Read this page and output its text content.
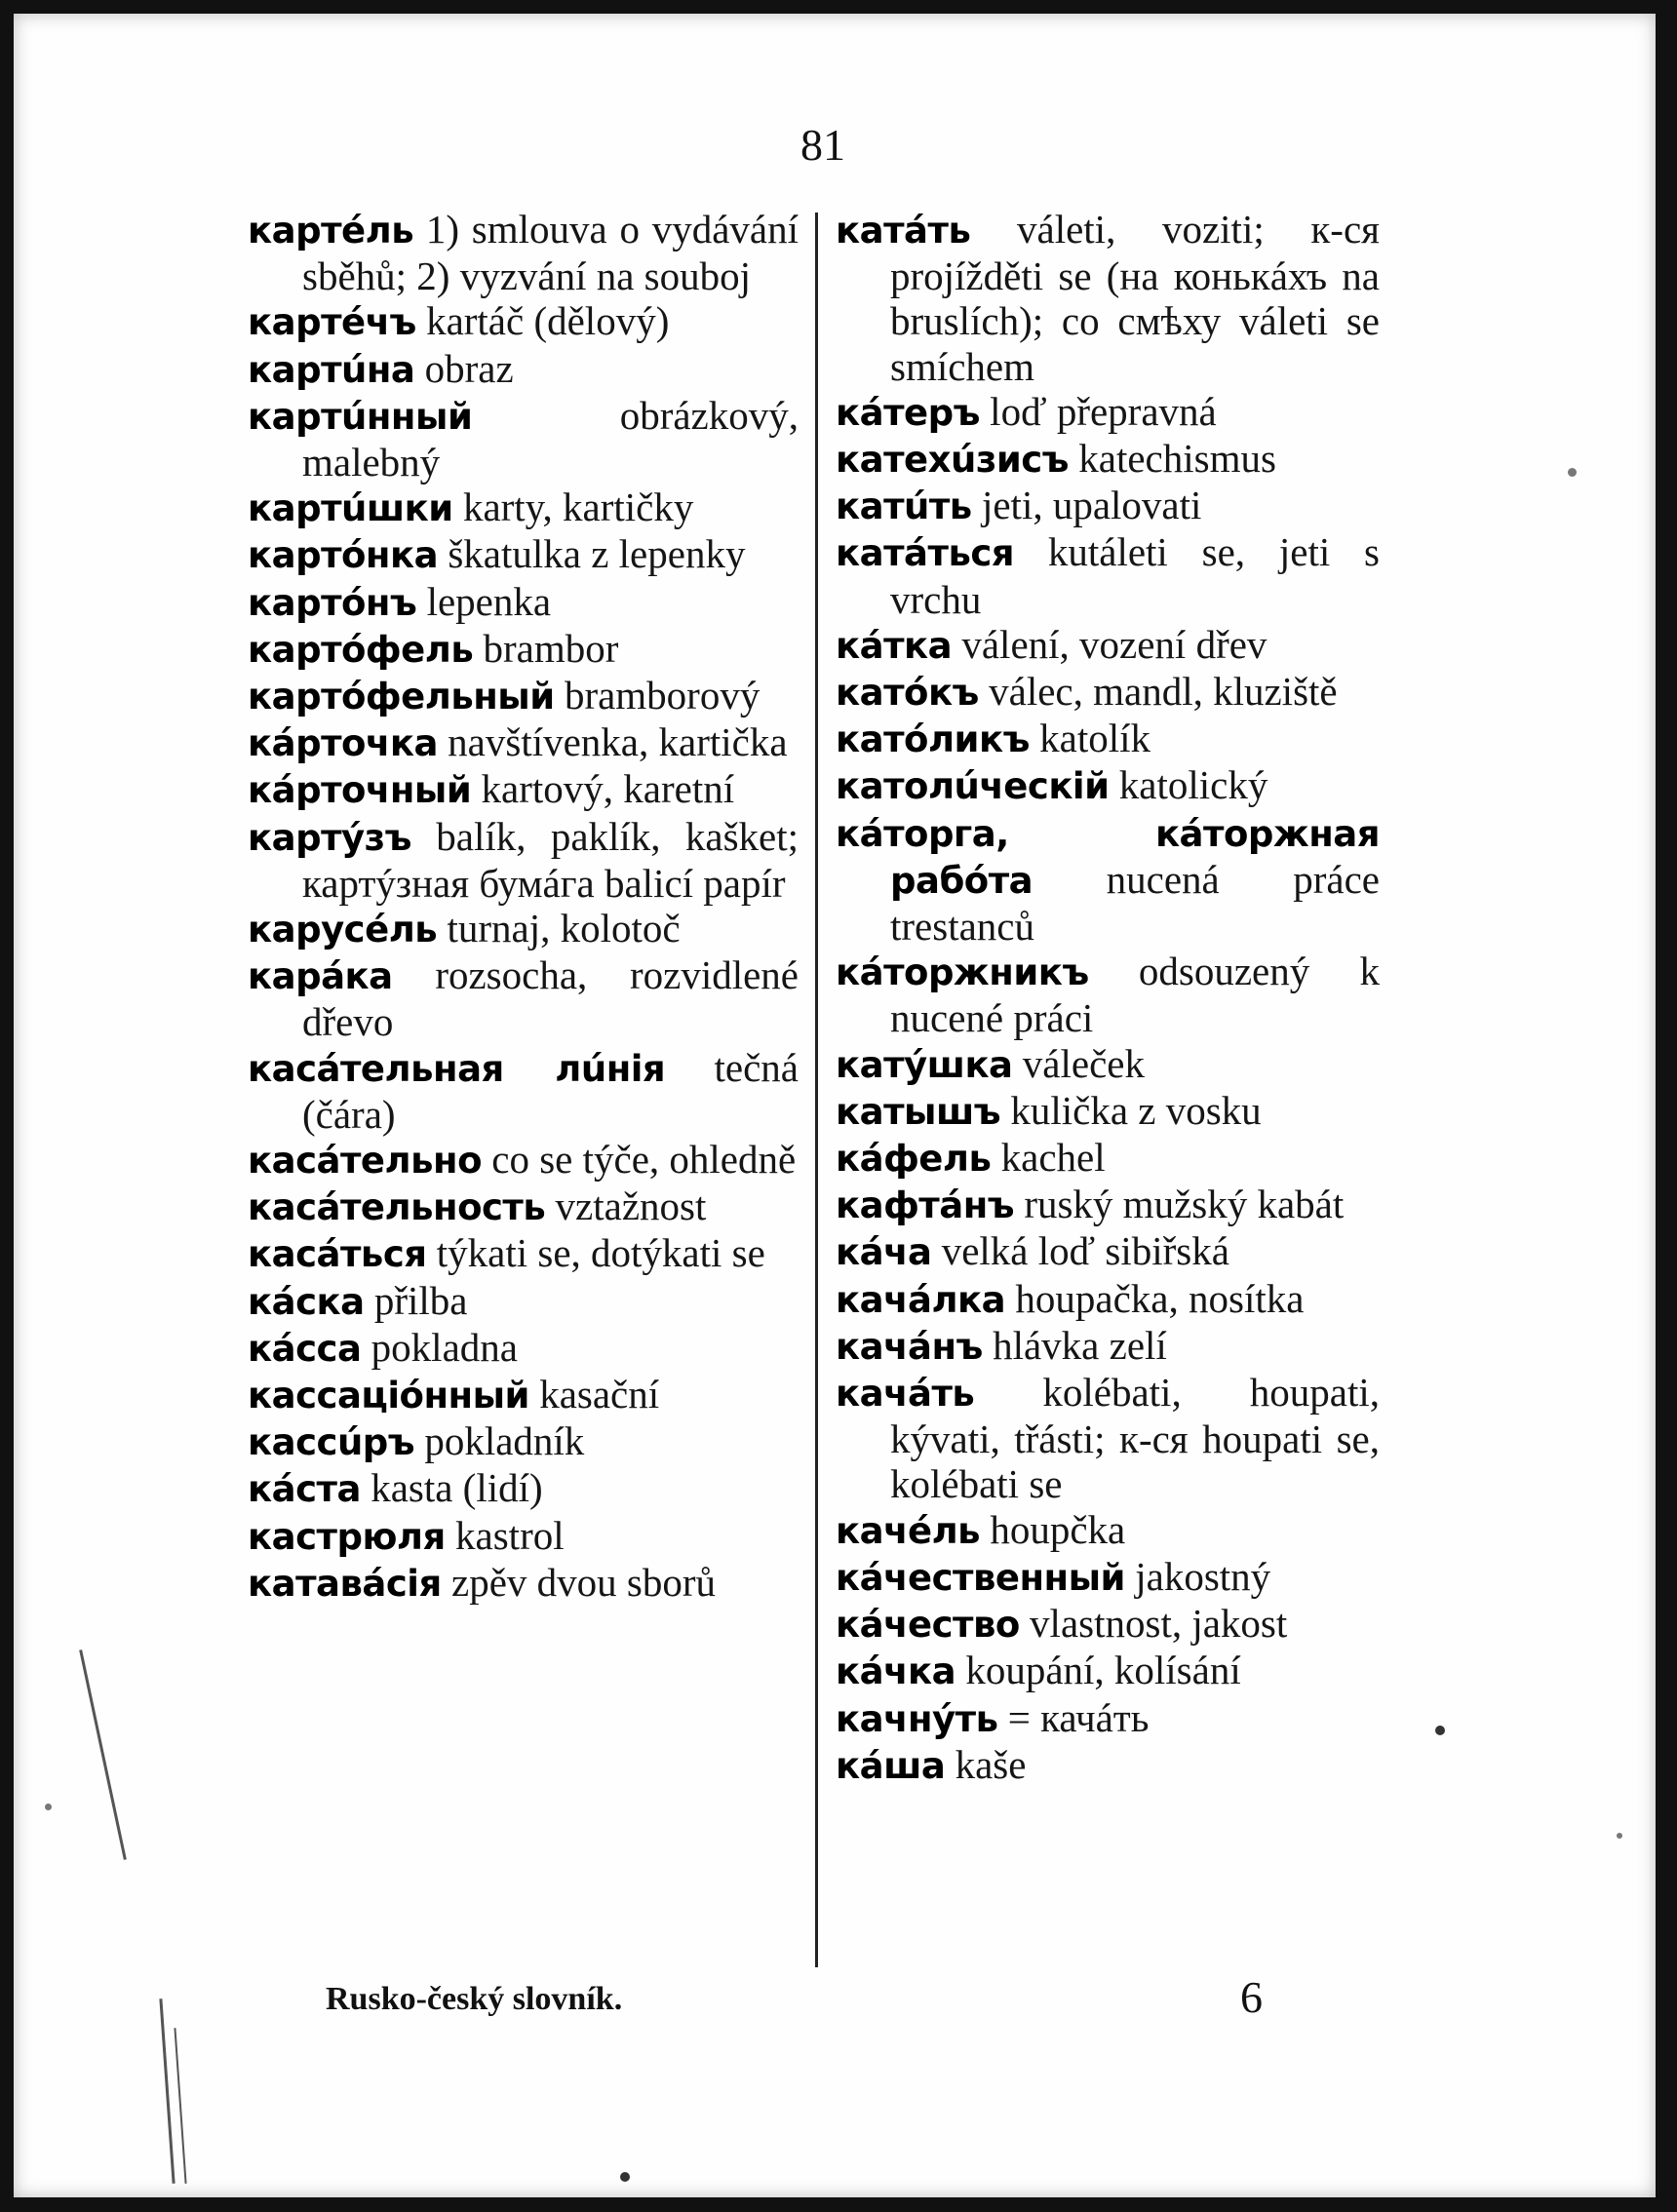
81
картéль 1) smlouva o vydávání sběhů; 2) vyzvání na souboj
картéчъ kartáč (dělový)
картúна obraz
картúнный	obrázkový, malebný
картúшки karty, kartičky
картóнка škatulka z lepenky
картóнъ lepenka
картóфель brambor
картóфельный bramborový
кáрточка navštívenka, kartička
кáрточный kartový, karetní
картýзъ balík, paklík, kašket; картýзная бумáга balicí papír
карусéль turnaj, kolotoč
карáка rozsocha, rozvidlené dřevo
касáтельная лúнія tečná (čára)
касáтельно co se týče, ohledně
касáтельность vztažnost
касáться týkati se, dotýkati se
кáска přilba
кáсса pokladna
кассаціóнный kasační
кассúръ pokladník
кáста kasta (lidí)
кастрюля kastrol
катавáсія zpěv dvou sborů
катáть váleti, voziti; к-ся projížděti se (на конькáхъ na bruslích); со смѣху váleti se smíchem
кáтеръ loď přepravná
катехúзисъ katechismus
катúть jeti, upalovati
катáться kutáleti se, jeti s vrchu
кáтка válení, vození dřev
катóкъ válec, mandl, kluziště
катóликъ katolík
католúческій katolický
кáторга, кáторжная рабóта nucená práce trestanců
кáторжникъ odsouzený k nucené práci
катýшка váleček
катышъ kulička z vosku
кáфель kachel
кафтáнъ ruský mužský kabát
кáча velká loď sibiřská
качáлка houpačka, nosítka
качáнъ hlávka zelí
качáть kolébati, houpati, kývati, třásti; к-ся houpati se, kolébati se
качéль houpčka
кáчественный jakostný
кáчество vlastnost, jakost
кáчка koupání, kolísání
качнýть = качáть
кáша kaše
Rusko-český slovník.	6
